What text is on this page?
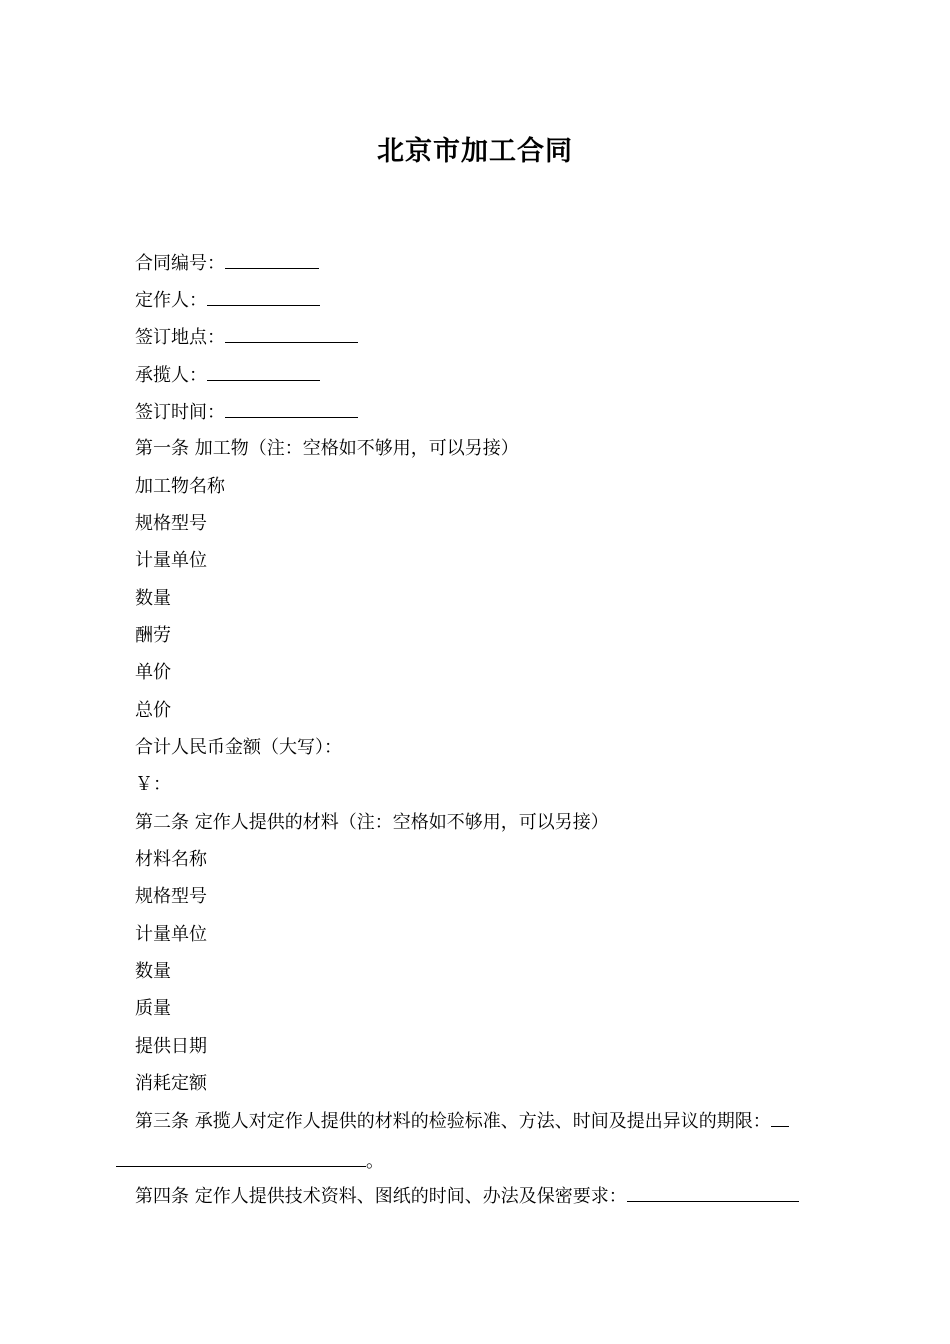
北京市加工合同
合同编号：
定作人：
签订地点：
承揽人：
签订时间：
第一条 加工物（注：空格如不够用，可以另接）
加工物名称
规格型号
计量单位
数量
酬劳
单价
总价
合计人民币金额（大写）：
￥：
第二条 定作人提供的材料（注：空格如不够用，可以另接）
材料名称
规格型号
计量单位
数量
质量
提供日期
消耗定额
第三条 承揽人对定作人提供的材料的检验标准、方法、时间及提出异议的期限：
。
第四条 定作人提供技术资料、图纸的时间、办法及保密要求：
